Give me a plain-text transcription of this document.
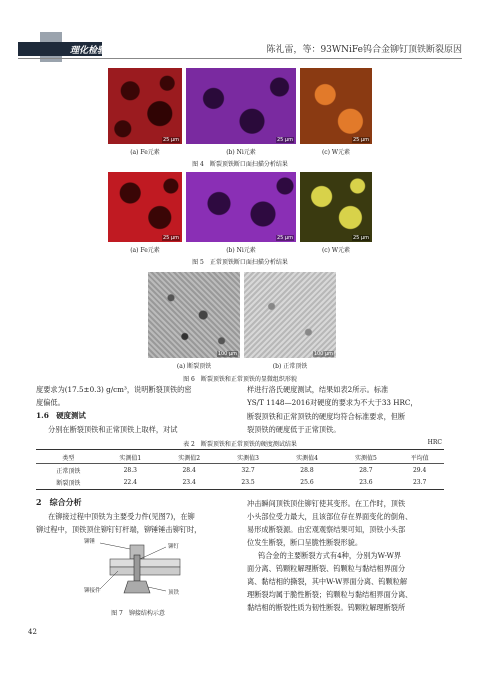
理化检验-物理分册	陈礼雷，等：93WNiFe钨合金铆钉顶铁断裂原因
25 μm	25 μm	25 μm
(a) Fe元素	(b) Ni元素	(c) W元素
图 4　断裂顶铁断口面扫描分析结果
25 μm	25 μm	25 μm
(a) Fe元素	(b) Ni元素	(c) W元素
图 5　正常顶铁断口面扫描分析结果
100 μm	100 μm
(a) 断裂顶铁	(b) 正常顶铁
图 6　断裂顶铁和正常顶铁的显微组织形貌
度要求为(17.5±0.3) g/cm³，说明断裂顶铁的密
度偏低。
1.6　硬度测试
分别在断裂顶铁和正常顶铁上取样，对试
样进行洛氏硬度测试，结果如表2所示。标准
YS/T 1148—2016对硬度的要求为不大于33 HRC，
断裂顶铁和正常顶铁的硬度均符合标准要求，但断
裂顶铁的硬度低于正常顶铁。
表 2　断裂顶铁和正常顶铁的硬度测试结果	HRC
类型	实测值1	实测值2	实测值3	实测值4	实测值5	平均值
正常顶铁	28.3	28.4	32.7	28.8	28.7	29.4
断裂顶铁	22.4	23.4	23.5	25.6	23.6	23.7
2　综合分析
在铆接过程中顶铁为主要受力件(见图7)，在铆
铆过程中，顶铁顶住铆钉钉杆端，铆锤锤击铆钉时，
铆锤
铆钉
铆接件	顶铁
图 7　铆接结构示意
冲击瞬间顶铁顶住铆钉使其变形。在工作时，顶铁
小头部位受力最大，且该部位存在界面变化的倒角、
易形成断裂源。由宏观观察结果可知，顶铁小头部
位发生断裂，断口呈脆性断裂形貌。
钨合金的主要断裂方式有4种，分别为W-W界
面分离、钨颗粒解理断裂、钨颗粒与黏结相界面分
离、黏结相的撕裂，其中W-W界面分离、钨颗粒解
理断裂均属于脆性断裂；钨颗粒与黏结相界面分离、
黏结相的断裂性质为韧性断裂。钨颗粒解理断裂所
42
